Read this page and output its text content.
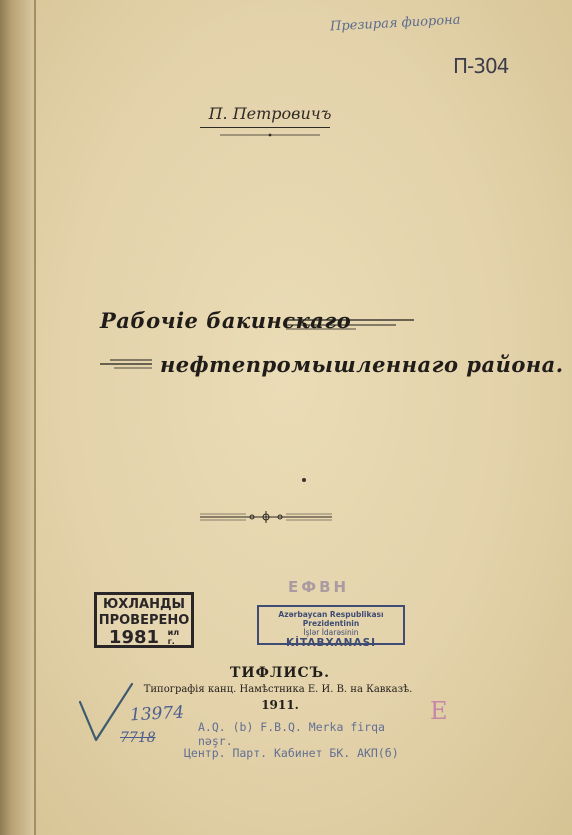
Презирая фиорона
П-304
П. Петровичъ
Рабочіе бакинскаго
нефтепромышленнаго района.
ЕФВН
ЮХЛАНДЫ
ПРОВЕРЕНО
1981 ил
г.
Azərbaycan Respublikası Prezidentinin
İşlər İdarəsinin
KİTABXANASI
ТИФЛИСЪ.
Типографія канц. Намѣстника Е. И. В. на Кавказѣ.
1911.
13974
7718
A.Q. (b) F.B.Q. Merka firqa nəşr.
Центр. Парт. Кабинет БК. АКП(б)
E
